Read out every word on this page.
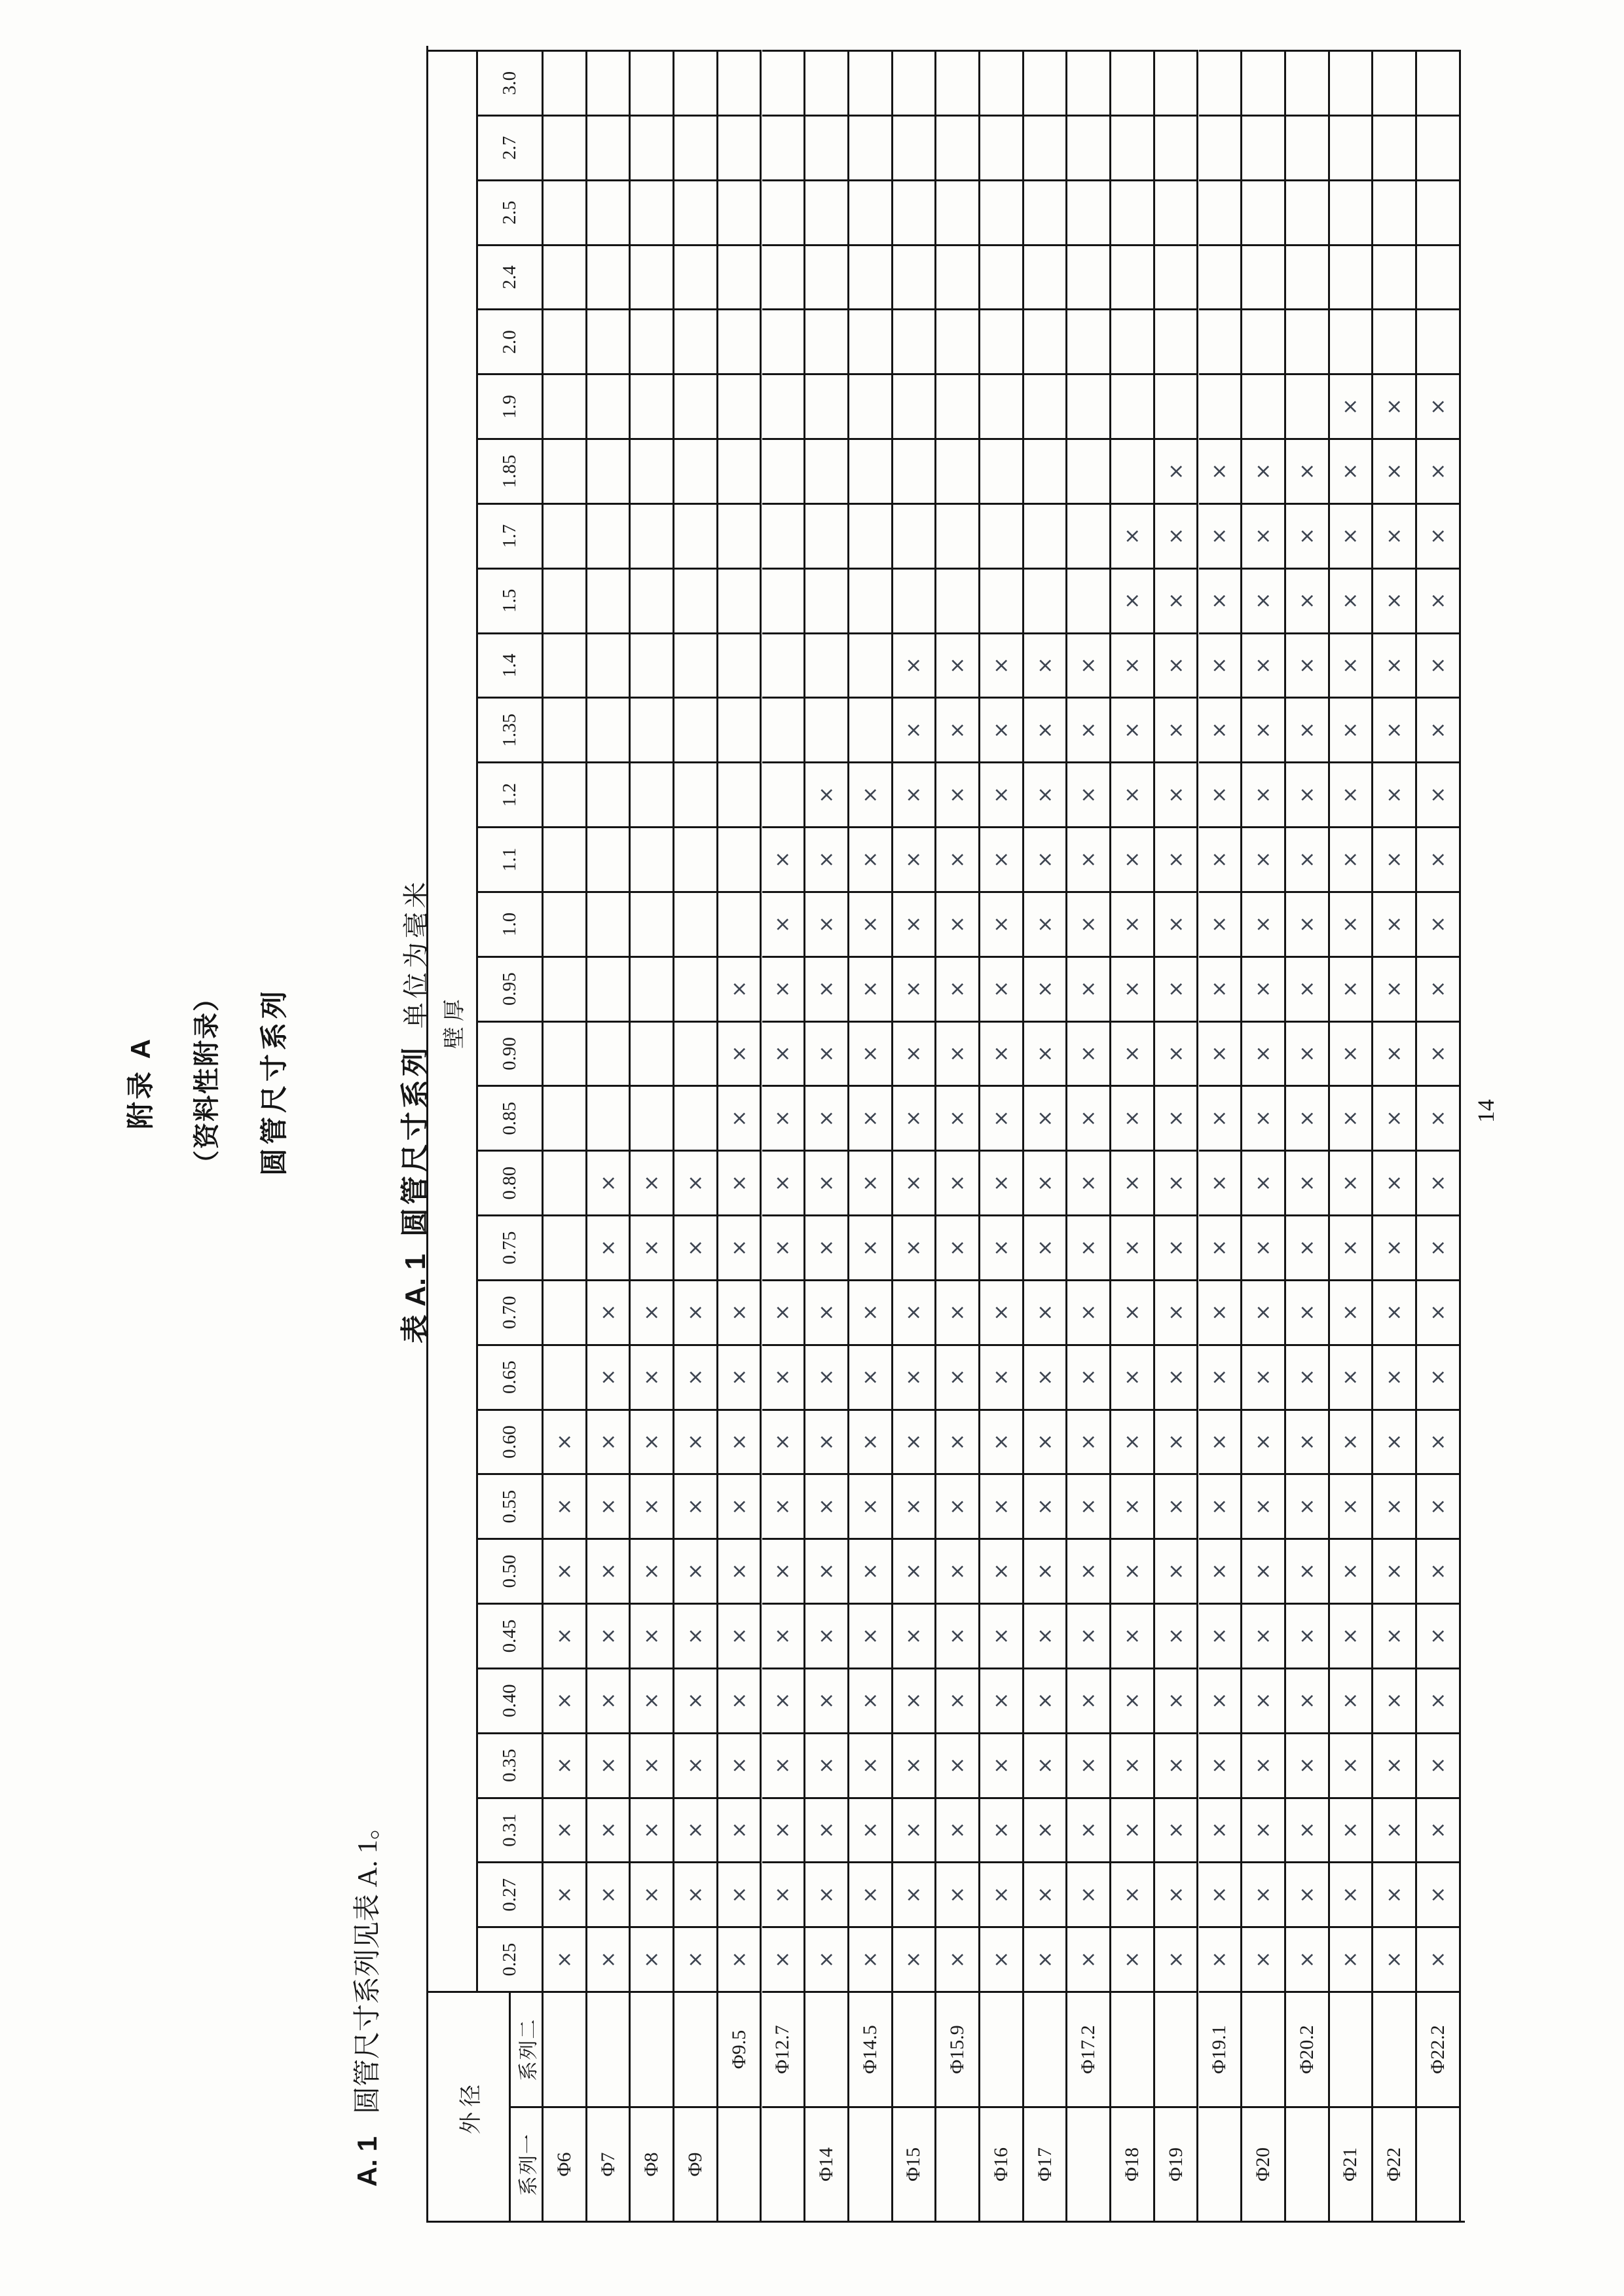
附录 A （资料性附录） 圆管尺寸系列
A. 1圆管尺寸系列见表 A. 1。
表 A. 1
圆管尺寸系列
单位为毫米
外径
系列一
系列二
壁厚
0.25
0.27
0.31
0.35
0.40
0.45
0.50
0.55
0.60
0.65
0.70
0.75
0.80
0.85
0.90
0.95
1.0
1.1
1.2
1.35
1.4
1.5
1.7
1.85
1.9
2.0
2.4
2.5
2.7
3.0
Φ6
×
×
×
×
×
×
×
×
×
Φ7
×
×
×
×
×
×
×
×
×
×
×
×
×
Φ8
×
×
×
×
×
×
×
×
×
×
×
×
×
Φ9
×
×
×
×
×
×
×
×
×
×
×
×
×
Φ9.5
×
×
×
×
×
×
×
×
×
×
×
×
×
×
×
×
Φ12.7
×
×
×
×
×
×
×
×
×
×
×
×
×
×
×
×
×
×
Φ14
×
×
×
×
×
×
×
×
×
×
×
×
×
×
×
×
×
×
×
Φ14.5
×
×
×
×
×
×
×
×
×
×
×
×
×
×
×
×
×
×
×
Φ15
×
×
×
×
×
×
×
×
×
×
×
×
×
×
×
×
×
×
×
×
×
Φ15.9
×
×
×
×
×
×
×
×
×
×
×
×
×
×
×
×
×
×
×
×
×
Φ16
×
×
×
×
×
×
×
×
×
×
×
×
×
×
×
×
×
×
×
×
×
Φ17
×
×
×
×
×
×
×
×
×
×
×
×
×
×
×
×
×
×
×
×
×
Φ17.2
×
×
×
×
×
×
×
×
×
×
×
×
×
×
×
×
×
×
×
×
×
Φ18
×
×
×
×
×
×
×
×
×
×
×
×
×
×
×
×
×
×
×
×
×
×
×
Φ19
×
×
×
×
×
×
×
×
×
×
×
×
×
×
×
×
×
×
×
×
×
×
×
×
Φ19.1
×
×
×
×
×
×
×
×
×
×
×
×
×
×
×
×
×
×
×
×
×
×
×
×
Φ20
×
×
×
×
×
×
×
×
×
×
×
×
×
×
×
×
×
×
×
×
×
×
×
×
Φ20.2
×
×
×
×
×
×
×
×
×
×
×
×
×
×
×
×
×
×
×
×
×
×
×
×
Φ21
×
×
×
×
×
×
×
×
×
×
×
×
×
×
×
×
×
×
×
×
×
×
×
×
×
Φ22
×
×
×
×
×
×
×
×
×
×
×
×
×
×
×
×
×
×
×
×
×
×
×
×
×
Φ22.2
×
×
×
×
×
×
×
×
×
×
×
×
×
×
×
×
×
×
×
×
×
×
×
×
×
14
